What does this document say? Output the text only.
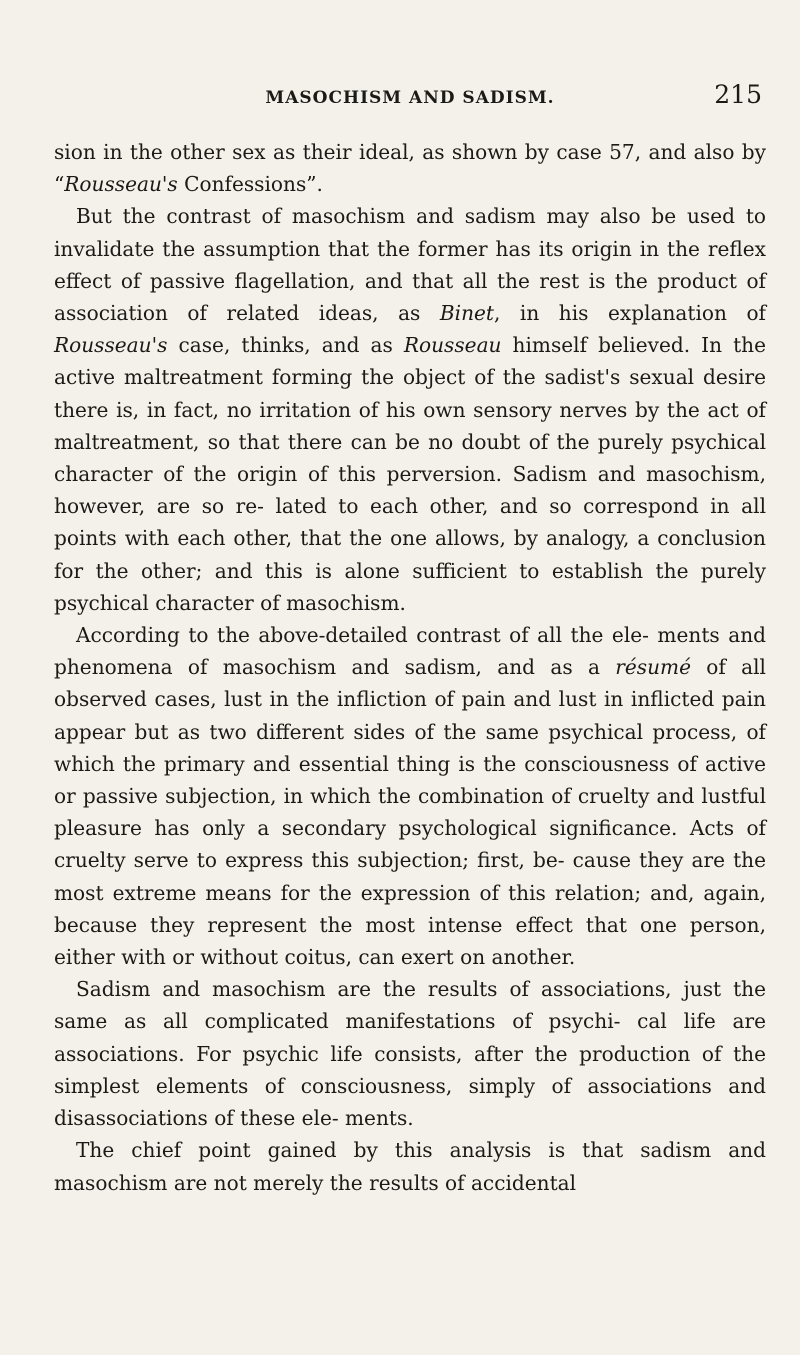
MASOCHISM AND SADISM.	215

sion in the other sex as their ideal, as shown by case 57, and also by “Rousseau's Confessions”.

But the contrast of masochism and sadism may also be used to invalidate the assumption that the former has its origin in the reflex effect of passive flagellation, and that all the rest is the product of association of related ideas, as Binet, in his explanation of Rousseau's case, thinks, and as Rousseau himself believed. In the active maltreatment forming the object of the sadist's sexual desire there is, in fact, no irritation of his own sensory nerves by the act of maltreatment, so that there can be no doubt of the purely psychical character of the origin of this perversion. Sadism and masochism, however, are so re- lated to each other, and so correspond in all points with each other, that the one allows, by analogy, a conclusion for the other; and this is alone sufficient to establish the purely psychical character of masochism.

According to the above-detailed contrast of all the ele- ments and phenomena of masochism and sadism, and as a résumé of all observed cases, lust in the infliction of pain and lust in inflicted pain appear but as two different sides of the same psychical process, of which the primary and essential thing is the consciousness of active or passive subjection, in which the combination of cruelty and lustful pleasure has only a secondary psychological significance. Acts of cruelty serve to express this subjection; first, be- cause they are the most extreme means for the expression of this relation; and, again, because they represent the most intense effect that one person, either with or without coitus, can exert on another.

Sadism and masochism are the results of associations, just the same as all complicated manifestations of psychi- cal life are associations. For psychic life consists, after the production of the simplest elements of consciousness, simply of associations and disassociations of these ele- ments.

The chief point gained by this analysis is that sadism and masochism are not merely the results of accidental
